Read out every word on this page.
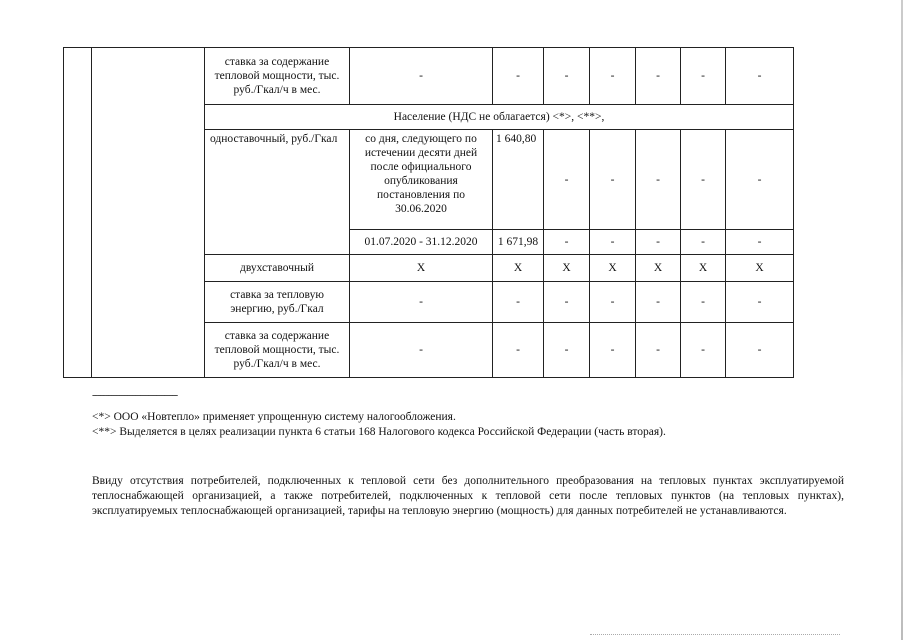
		ставка за содержание тепловой мощности, тыс. руб./Гкал/ч в мес.	-	-	-	-	-	-	-
		Население (НДС не облагается) <*>, <**>,							
		одноставочный, руб./Гкал	со дня, следующего по истечении десяти дней после официального опубликования постановления по 30.06.2020	1 640,80	-	-	-	-	-
			01.07.2020 - 31.12.2020	1 671,98	-	-	-	-	-
		двухставочный	X	X	X	X	X	X	X
		ставка за тепловую энергию, руб./Гкал	-	-	-	-	-	-	-
		ставка за содержание тепловой мощности, тыс. руб./Гкал/ч в мес.	-	-	-	-	-	-	-
--------------------------------
<*> ООО «Новтепло» применяет упрощенную систему налогообложения.
<**> Выделяется в целях реализации пункта 6 статьи 168 Налогового кодекса Российской Федерации (часть вторая).
Ввиду отсутствия потребителей, подключенных к тепловой сети без дополнительного преобразования на тепловых пунктах эксплуатируемой теплоснабжающей организацией, а также потребителей, подключенных к тепловой сети после тепловых пунктов (на тепловых пунктах), эксплуатируемых теплоснабжающей организацией, тарифы на тепловую энергию (мощность) для данных потребителей не устанавливаются.
